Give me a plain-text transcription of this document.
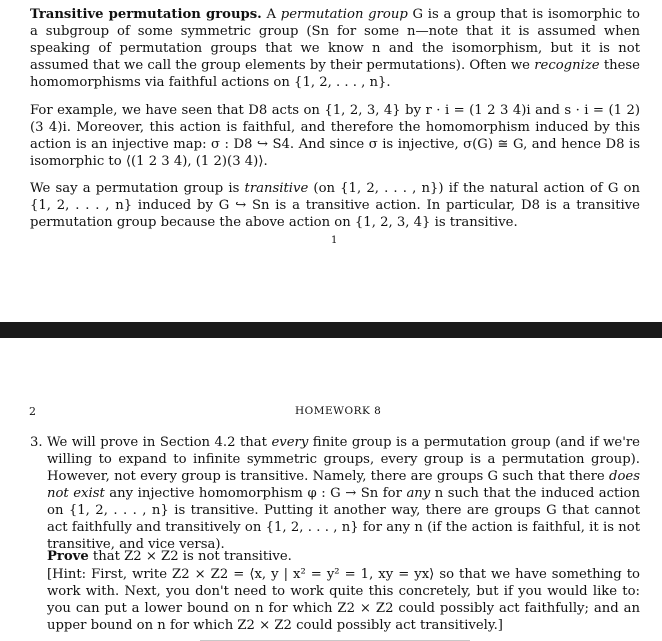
Transitive permutation groups. A permutation group G is a group that is isomorphic to a subgroup of some symmetric group (Sn for some n—note that it is assumed when speaking of permutation groups that we know n and the isomorphism, but it is not assumed that we call the group elements by their permutations). Often we recognize these homomorphisms via faithful actions on {1, 2, . . . , n}.

For example, we have seen that D8 acts on {1, 2, 3, 4} by r · i = (1 2 3 4)i and s · i = (1 2)(3 4)i. Moreover, this action is faithful, and therefore the homomorphism induced by this action is an injective map: σ : D8 ↪ S4. And since σ is injective, σ(G) ≅ G, and hence D8 is isomorphic to ⟨(1 2 3 4), (1 2)(3 4)⟩.

We say a permutation group is transitive (on {1, 2, . . . , n}) if the natural action of G on {1, 2, . . . , n} induced by G ↪ Sn is a transitive action. In particular, D8 is a transitive permutation group because the above action on {1, 2, 3, 4} is transitive.

1
2	HOMEWORK 8
3. We will prove in Section 4.2 that every finite group is a permutation group (and if we're willing to expand to infinite symmetric groups, every group is a permutation group). However, not every group is transitive. Namely, there are groups G such that there does not exist any injective homomorphism φ : G → Sn for any n such that the induced action on {1, 2, . . . , n} is transitive. Putting it another way, there are groups G that cannot act faithfully and transitively on {1, 2, . . . , n} for any n (if the action is faithful, it is not transitive, and vice versa).

Prove that Z2 × Z2 is not transitive.

[Hint: First, write Z2 × Z2 = ⟨x, y | x² = y² = 1, xy = yx⟩ so that we have something to work with. Next, you don't need to work quite this concretely, but if you would like to: you can put a lower bound on n for which Z2 × Z2 could possibly act faithfully; and an upper bound on n for which Z2 × Z2 could possibly act transitively.]
